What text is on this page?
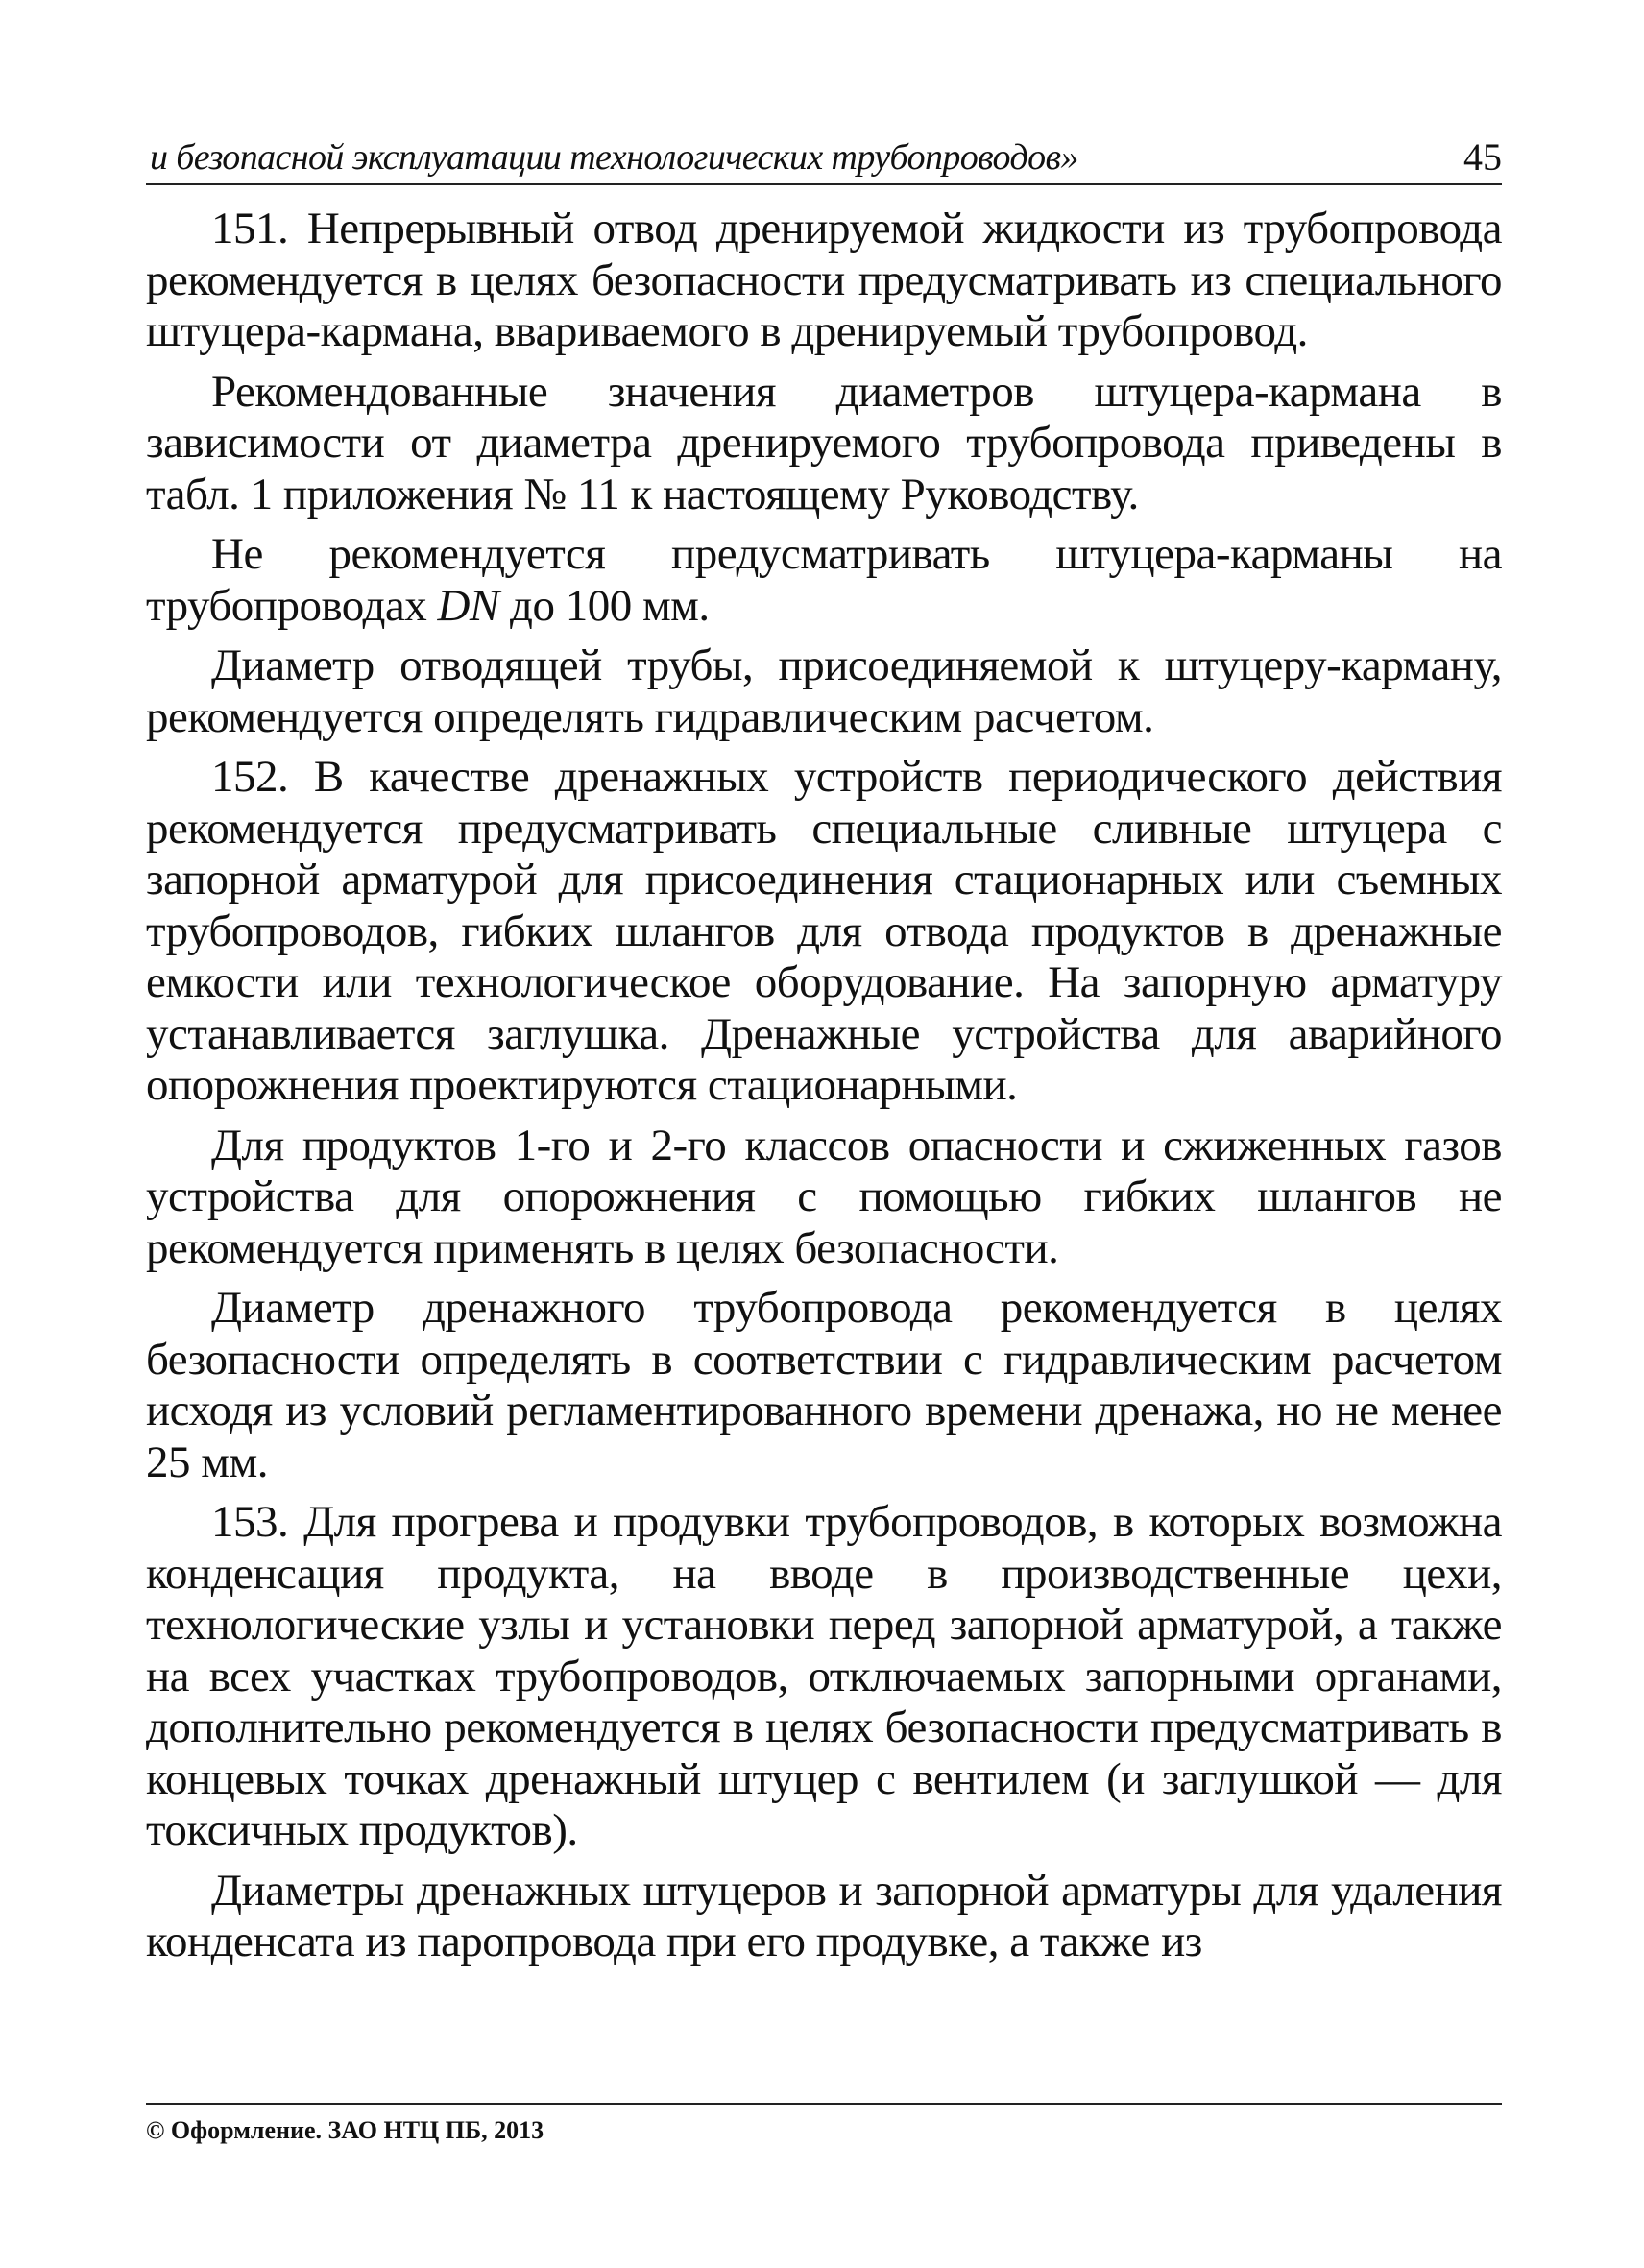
и безопасной эксплуатации технологических трубопроводов»	45

151. Непрерывный отвод дренируемой жидкости из трубопровода рекомендуется в целях безопасности предусматривать из специального штуцера-кармана, ввариваемого в дренируемый трубопровод.

Рекомендованные значения диаметров штуцера-кармана в зависимости от диаметра дренируемого трубопровода приведены в табл. 1 приложения № 11 к настоящему Руководству.

Не рекомендуется предусматривать штуцера-карманы на трубопроводах DN до 100 мм.

Диаметр отводящей трубы, присоединяемой к штуцеру-карману, рекомендуется определять гидравлическим расчетом.

152. В качестве дренажных устройств периодического действия рекомендуется предусматривать специальные сливные штуцера с запорной арматурой для присоединения стационарных или съемных трубопроводов, гибких шлангов для отвода продуктов в дренажные емкости или технологическое оборудование. На запорную арматуру устанавливается заглушка. Дренажные устройства для аварийного опорожнения проектируются стационарными.

Для продуктов 1-го и 2-го классов опасности и сжиженных газов устройства для опорожнения с помощью гибких шлангов не рекомендуется применять в целях безопасности.

Диаметр дренажного трубопровода рекомендуется в целях безопасности определять в соответствии с гидравлическим расчетом исходя из условий регламентированного времени дренажа, но не менее 25 мм.

153. Для прогрева и продувки трубопроводов, в которых возможна конденсация продукта, на вводе в производственные цехи, технологические узлы и установки перед запорной арматурой, а также на всех участках трубопроводов, отключаемых запорными органами, дополнительно рекомендуется в целях безопасности предусматривать в концевых точках дренажный штуцер с вентилем (и заглушкой — для токсичных продуктов).

Диаметры дренажных штуцеров и запорной арматуры для удаления конденсата из паропровода при его продувке, а также из

© Оформление. ЗАО НТЦ ПБ, 2013
